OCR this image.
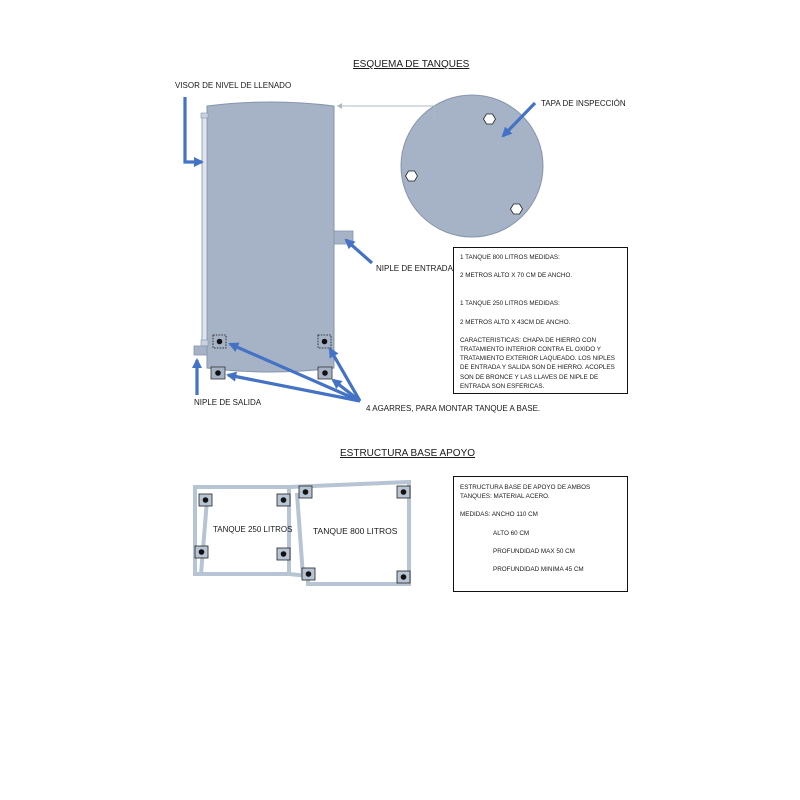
ESQUEMA DE TANQUES
ESTRUCTURA BASE APOYO
VISOR DE NIVEL DE LLENADO
TAPA DE INSPECCIÓN
NIPLE DE ENTRADA
NIPLE DE SALIDA
4 AGARRES, PARA MONTAR TANQUE A BASE.
TANQUE 250 LITROS TANQUE 800 LITROS

1 TANQUE 800 LITROS MEDIDAS:

2 METROS ALTO X 70 CM DE ANCHO.

1 TANQUE 250 LITROS MEDIDAS:

2 METROS ALTO X 43CM DE ANCHO.

CARACTERISTICAS: CHAPA DE HIERRO CON TRATAMIENTO INTERIOR CONTRA EL OXIDO Y TRATAMIENTO EXTERIOR LAQUEADO. LOS NIPLES DE ENTRADA Y SALIDA SON DE HIERRO. ACOPLES SON DE BRONCE Y LAS LLAVES DE NIPLE DE ENTRADA SON ESFERICAS.

ESTRUCTURA BASE DE APOYO DE AMBOS TANQUES: MATERIAL ACERO.

MEDIDAS: ANCHO 110 CM

ALTO 60 CM

PROFUNDIDAD MAX 50 CM

PROFUNDIDAD MINIMA 45 CM
